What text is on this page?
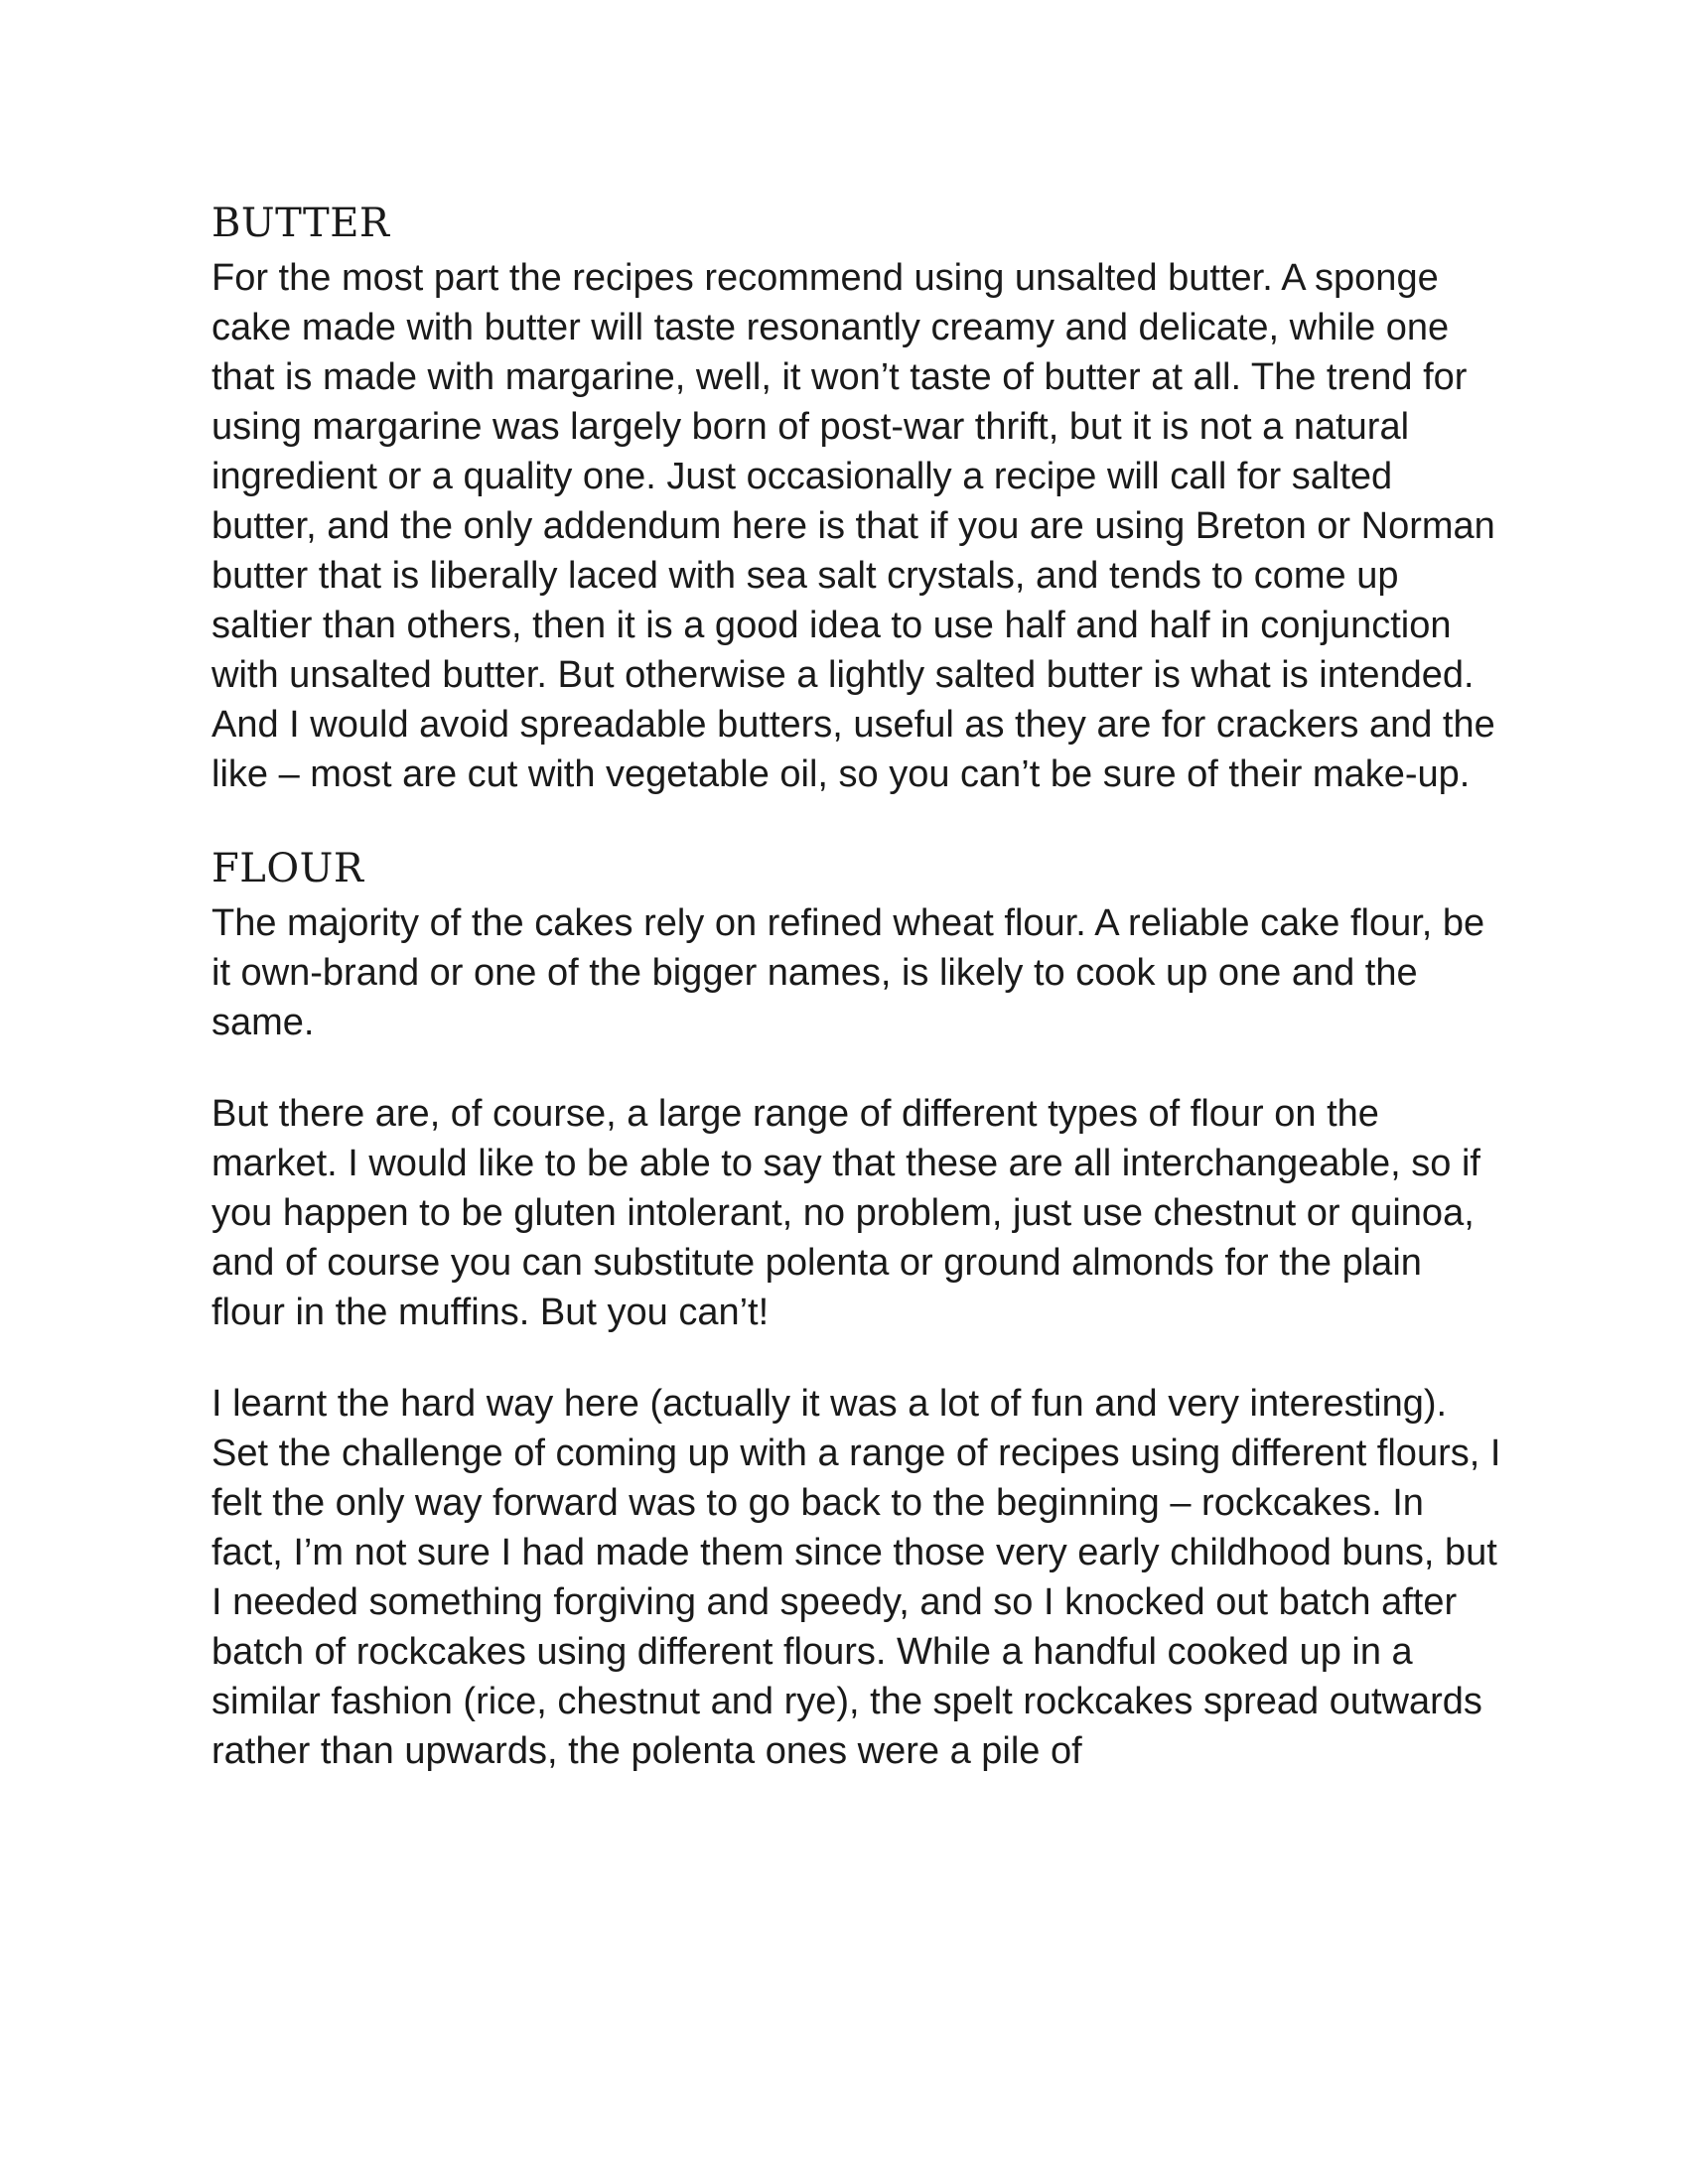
BUTTER

For the most part the recipes recommend using unsalted butter. A sponge cake made with butter will taste resonantly creamy and delicate, while one that is made with margarine, well, it won’t taste of butter at all. The trend for using margarine was largely born of post-war thrift, but it is not a natural ingredient or a quality one. Just occasionally a recipe will call for salted butter, and the only addendum here is that if you are using Breton or Norman butter that is liberally laced with sea salt crystals, and tends to come up saltier than others, then it is a good idea to use half and half in conjunction with unsalted butter. But otherwise a lightly salted butter is what is intended. And I would avoid spreadable butters, useful as they are for crackers and the like – most are cut with vegetable oil, so you can’t be sure of their make-up.

FLOUR

The majority of the cakes rely on refined wheat flour. A reliable cake flour, be it own-brand or one of the bigger names, is likely to cook up one and the same.

But there are, of course, a large range of different types of flour on the market. I would like to be able to say that these are all interchangeable, so if you happen to be gluten intolerant, no problem, just use chestnut or quinoa, and of course you can substitute polenta or ground almonds for the plain flour in the muffins. But you can’t!

I learnt the hard way here (actually it was a lot of fun and very interesting). Set the challenge of coming up with a range of recipes using different flours, I felt the only way forward was to go back to the beginning – rockcakes. In fact, I’m not sure I had made them since those very early childhood buns, but I needed something forgiving and speedy, and so I knocked out batch after batch of rockcakes using different flours. While a handful cooked up in a similar fashion (rice, chestnut and rye), the spelt rockcakes spread outwards rather than upwards, the polenta ones were a pile of
